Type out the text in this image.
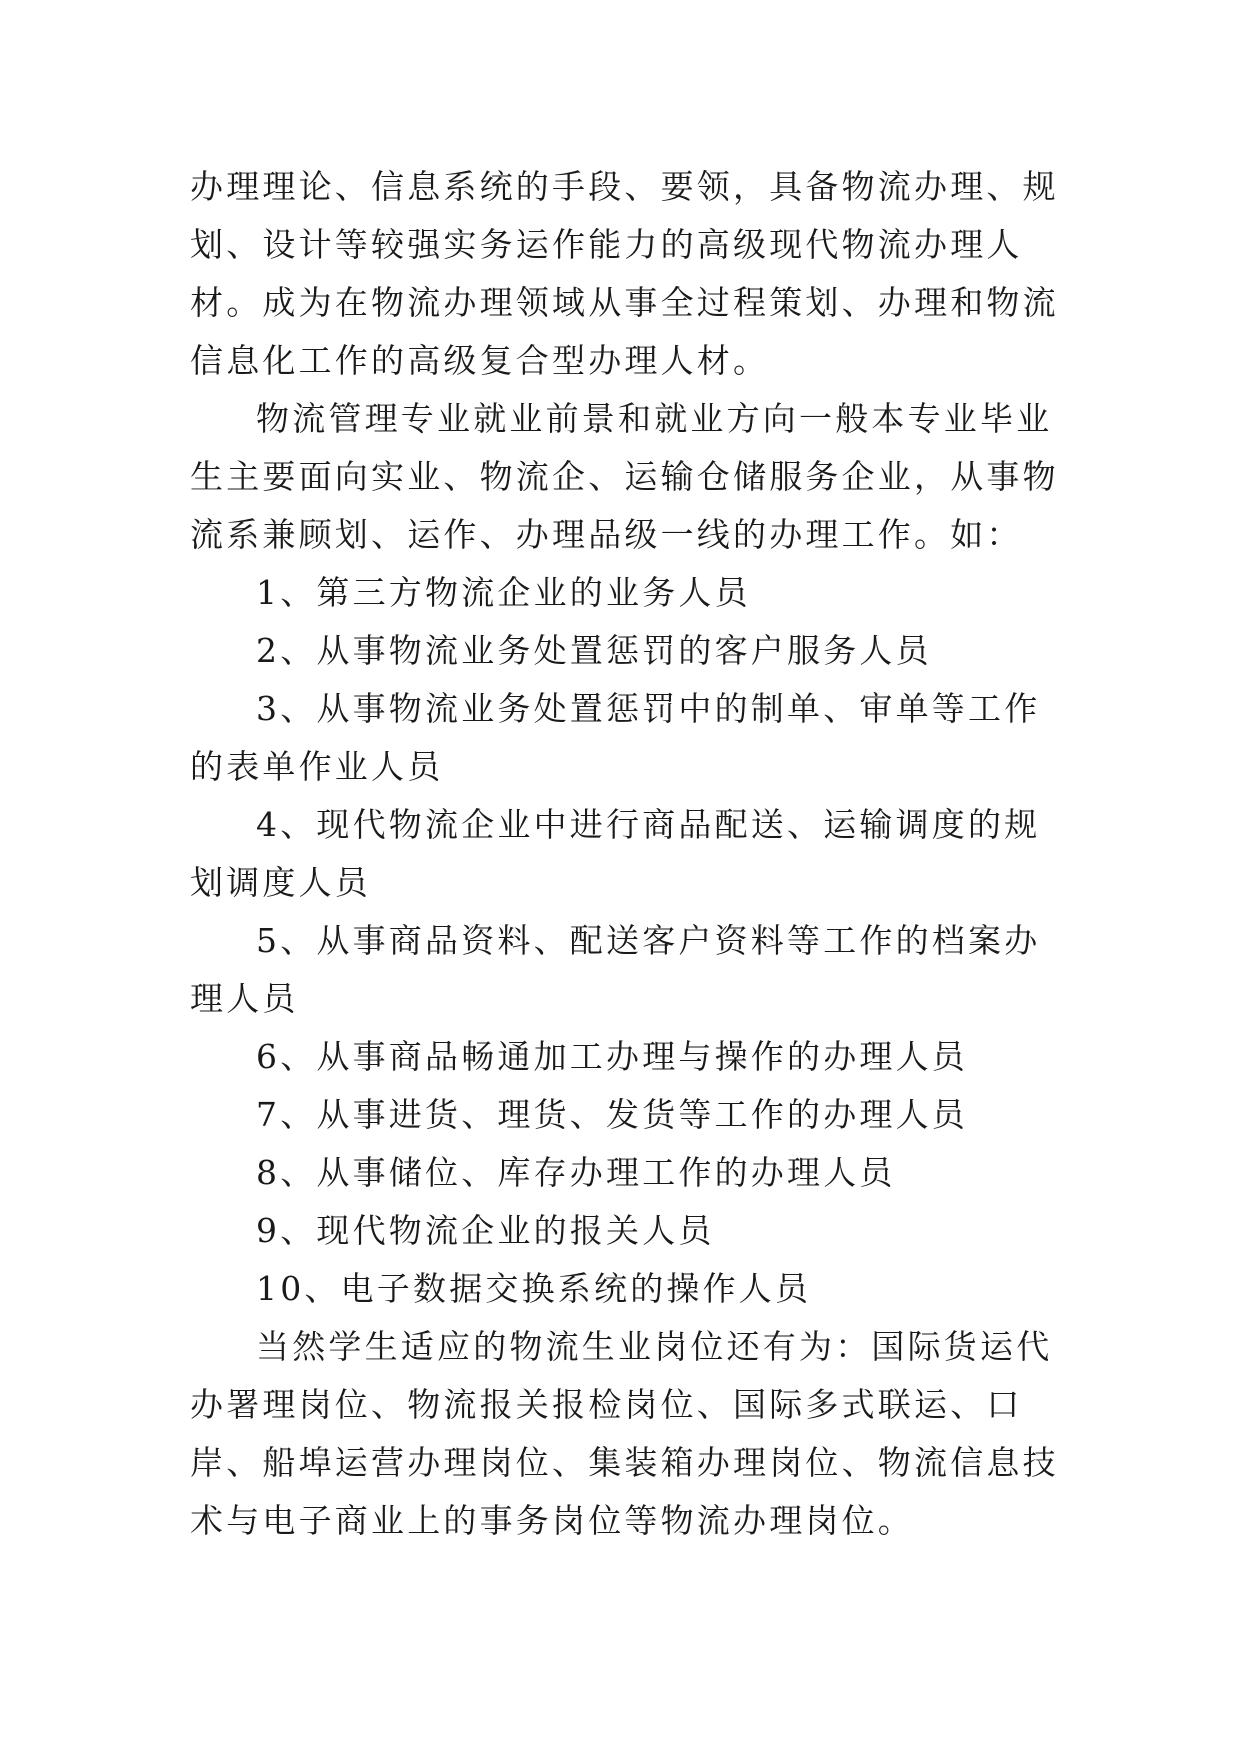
办理理论、信息系统的手段、要领，具备物流办理、规划、设计等较强实务运作能力的高级现代物流办理人材。成为在物流办理领域从事全过程策划、办理和物流信息化工作的高级复合型办理人材。

物流管理专业就业前景和就业方向一般本专业毕业生主要面向实业、物流企、运输仓储服务企业，从事物流系兼顾划、运作、办理品级一线的办理工作。如：

1、第三方物流企业的业务人员

2、从事物流业务处置惩罚的客户服务人员

3、从事物流业务处置惩罚中的制单、审单等工作的表单作业人员

4、现代物流企业中进行商品配送、运输调度的规划调度人员

5、从事商品资料、配送客户资料等工作的档案办理人员

6、从事商品畅通加工办理与操作的办理人员

7、从事进货、理货、发货等工作的办理人员

8、从事储位、库存办理工作的办理人员

9、现代物流企业的报关人员

10、电子数据交换系统的操作人员

当然学生适应的物流生业岗位还有为：国际货运代办署理岗位、物流报关报检岗位、国际多式联运、口岸、船埠运营办理岗位、集装箱办理岗位、物流信息技术与电子商业上的事务岗位等物流办理岗位。
